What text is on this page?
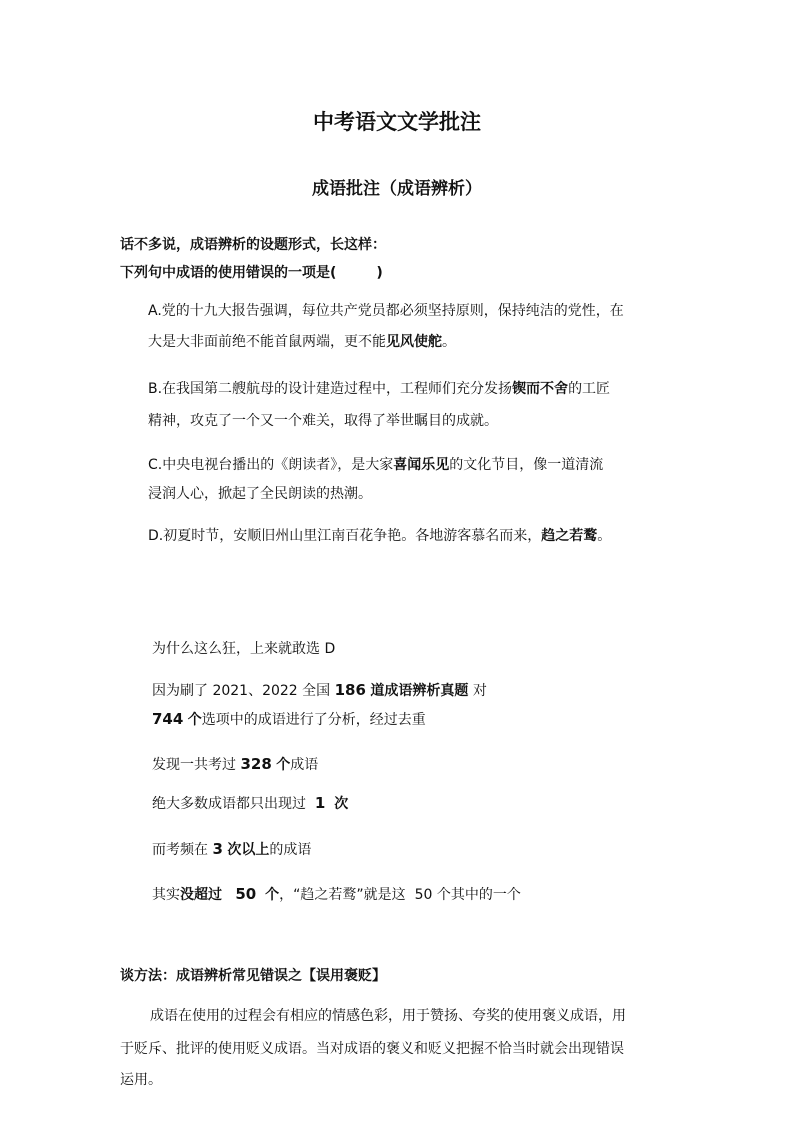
中考语文文学批注
成语批注（成语辨析）
话不多说，成语辨析的设题形式，长这样：
下列句中成语的使用错误的一项是(	)
A.党的十九大报告强调，每位共产党员都必须坚持原则，保持纯洁的党性，在
大是大非面前绝不能首鼠两端，更不能见风使舵。
B.在我国第二艘航母的设计建造过程中，工程师们充分发扬锲而不舍的工匠
精神，攻克了一个又一个难关，取得了举世瞩目的成就。
C.中央电视台播出的《朗读者》，是大家喜闻乐见的文化节目，像一道清流
浸润人心，掀起了全民朗读的热潮。
D.初夏时节，安顺旧州山里江南百花争艳。各地游客慕名而来，趋之若鹜。
为什么这么狂，上来就敢选 D
因为刷了 2021、2022 全国 186 道成语辨析真题 对
744 个选项中的成语进行了分析，经过去重
发现一共考过 328 个成语
绝大多数成语都只出现过 1 次
而考频在 3 次以上的成语
其实没超过 50 个，“趋之若鹜”就是这 50 个其中的一个
谈方法：成语辨析常见错误之【误用褒贬】
成语在使用的过程会有相应的情感色彩，用于赞扬、夸奖的使用褒义成语，用
于贬斥、批评的使用贬义成语。当对成语的褒义和贬义把握不恰当时就会出现错误
运用。
